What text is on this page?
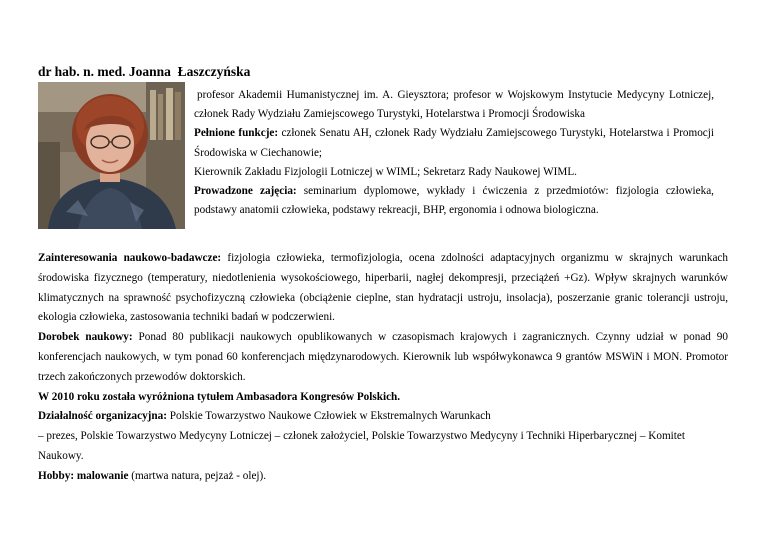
dr hab. n. med. Joanna  Łaszczyńska

profesor Akademii Humanistycznej im. A. Gieysztora; profesor w Wojskowym Instytucie Medycyny Lotniczej, członek Rady Wydziału Zamiejscowego Turystyki, Hotelarstwa i Promocji Środowiska

Pełnione funkcje: członek Senatu AH, członek Rady Wydziału Zamiejscowego Turystyki, Hotelarstwa i Promocji Środowiska w Ciechanowie;

Kierownik Zakładu Fizjologii Lotniczej w WIML; Sekretarz Rady Naukowej WIML.

Prowadzone zajęcia: seminarium dyplomowe, wykłady i ćwiczenia z przedmiotów: fizjologia człowieka, podstawy anatomii człowieka, podstawy rekreacji, BHP, ergonomia i odnowa biologiczna.

Zainteresowania naukowo-badawcze: fizjologia człowieka, termofizjologia, ocena zdolności adaptacyjnych organizmu w skrajnych warunkach środowiska fizycznego (temperatury, niedotlenienia wysokościowego, hiperbarii, nagłej dekompresji, przeciążeń +Gz). Wpływ skrajnych warunków klimatycznych na sprawność psychofizyczną człowieka (obciążenie cieplne, stan hydratacji ustroju, insolacja), poszerzanie granic tolerancji ustroju, ekologia człowieka, zastosowania techniki badań w podczerwieni.

Dorobek naukowy: Ponad 80 publikacji naukowych opublikowanych w czasopismach krajowych i zagranicznych. Czynny udział w ponad 90 konferencjach naukowych, w tym ponad 60 konferencjach międzynarodowych. Kierownik lub współwykonawca 9 grantów MSWiN i MON. Promotor trzech zakończonych przewodów doktorskich.

W 2010 roku została wyróżniona tytułem Ambasadora Kongresów Polskich.

Działalność organizacyjna: Polskie Towarzystwo Naukowe Człowiek w Ekstremalnych Warunkach

– prezes, Polskie Towarzystwo Medycyny Lotniczej – członek założyciel, Polskie Towarzystwo Medycyny i Techniki Hiperbarycznej – Komitet Naukowy.

Hobby: malowanie (martwa natura, pejzaż - olej).
